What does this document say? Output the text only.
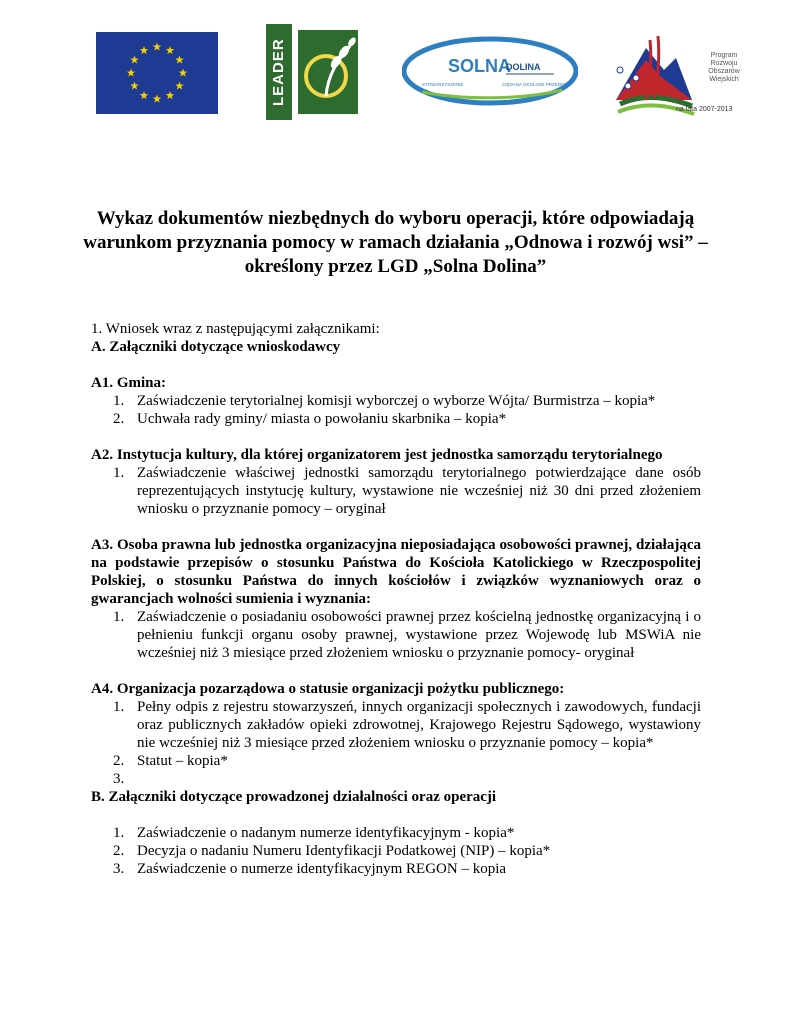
LEADER	SOLNA
DOLINA
STOWARZYSZENIE	CIĘDANA OKOŁOWI PRZEDECZ
Program Rozwoju Obszarów Wiejskich
na lata 2007-2013
Wykaz dokumentów niezbędnych do wyboru operacji, które odpowiadają
warunkom przyznania pomocy w ramach działania „Odnowa i rozwój wsi” –
określony przez LGD „Solna Dolina”

1. Wniosek wraz z następującymi załącznikami:

A. Załączniki dotyczące wnioskodawcy

A1. Gmina:

1. Zaświadczenie terytorialnej komisji wyborczej o wyborze Wójta/ Burmistrza – kopia*
2. Uchwała rady gminy/ miasta o powołaniu skarbnika – kopia*

A2. Instytucja kultury, dla której organizatorem jest jednostka samorządu terytorialnego

1. Zaświadczenie właściwej jednostki samorządu terytorialnego potwierdzające dane osób reprezentujących instytucję kultury, wystawione nie wcześniej niż 30 dni przed złożeniem wniosku o przyznanie pomocy – oryginał

A3. Osoba prawna lub jednostka organizacyjna nieposiadająca osobowości prawnej, działająca na podstawie przepisów o stosunku Państwa do Kościoła Katolickiego w Rzeczpospolitej Polskiej, o stosunku Państwa do innych kościołów i związków wyznaniowych oraz o gwarancjach wolności sumienia i wyznania:

1. Zaświadczenie o posiadaniu osobowości prawnej przez kościelną jednostkę organizacyjną i o pełnieniu funkcji organu osoby prawnej, wystawione przez Wojewodę lub MSWiA nie wcześniej niż 3 miesiące przed złożeniem wniosku o przyznanie pomocy- oryginał

A4. Organizacja pozarządowa o statusie organizacji pożytku publicznego:

1. Pełny odpis z rejestru stowarzyszeń, innych organizacji społecznych i zawodowych, fundacji oraz publicznych zakładów opieki zdrowotnej, Krajowego Rejestru Sądowego, wystawiony nie wcześniej niż 3 miesiące przed złożeniem wniosku o przyznanie pomocy – kopia*
2. Statut – kopia*
3.

B. Załączniki dotyczące prowadzonej działalności oraz operacji

1. Zaświadczenie o nadanym numerze identyfikacyjnym - kopia*
2. Decyzja o nadaniu Numeru Identyfikacji Podatkowej (NIP) – kopia*
3. Zaświadczenie o numerze identyfikacyjnym REGON – kopia
